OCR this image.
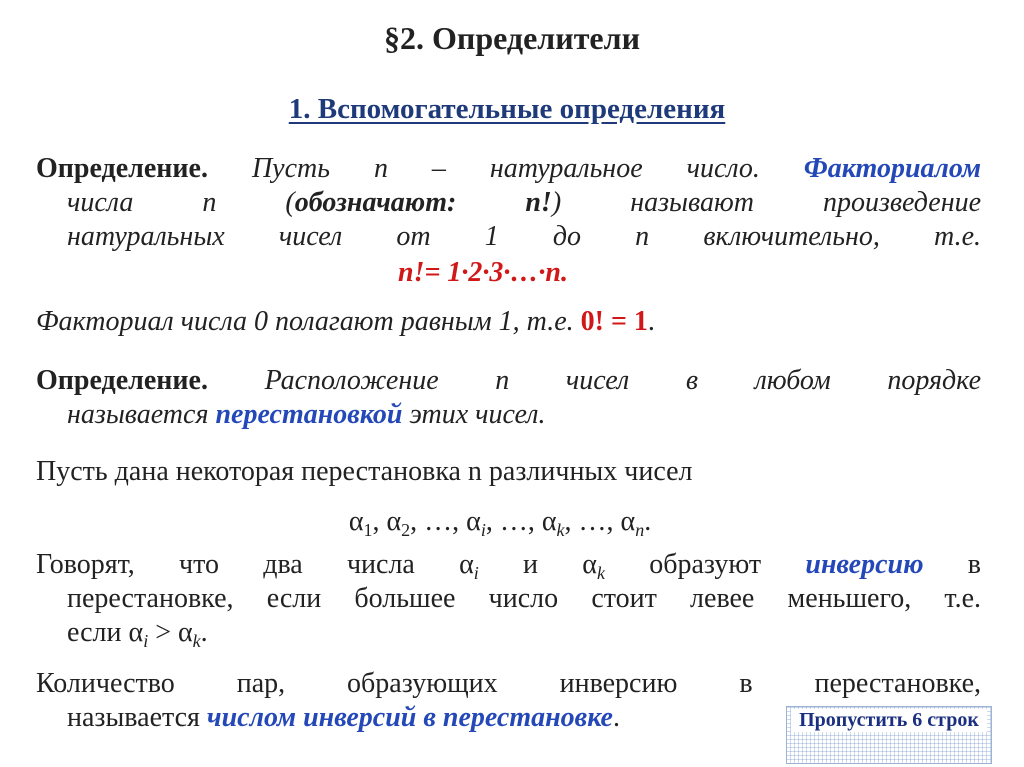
§2. Определители
1. Вспомогательные определения
Определение. Пусть n – натуральное число. Факториалом
числа n (обозначают: n!) называют произведение
натуральных чисел от 1 до n включительно, т.е.
n!= 1·2·3·…·n.
Факториал числа 0 полагают равным 1, т.е. 0! = 1.
Определение. Расположение n чисел в любом порядке
называется перестановкой этих чисел.
Пусть дана некоторая перестановка n различных чисел
$\alpha_1$, $\alpha_2$, …, $\alpha_i$, …, $\alpha_k$, …, $\alpha_n$.
Говорят, что два числа $\alpha_i$ и $\alpha_k$ образуют инверсию в
перестановке, если большее число стоит левее меньшего, т.е.
если $\alpha_i > \alpha_k$.
Количество пар, образующих инверсию в перестановке,
называется числом инверсий в перестановке.	Пропустить 6 строк
